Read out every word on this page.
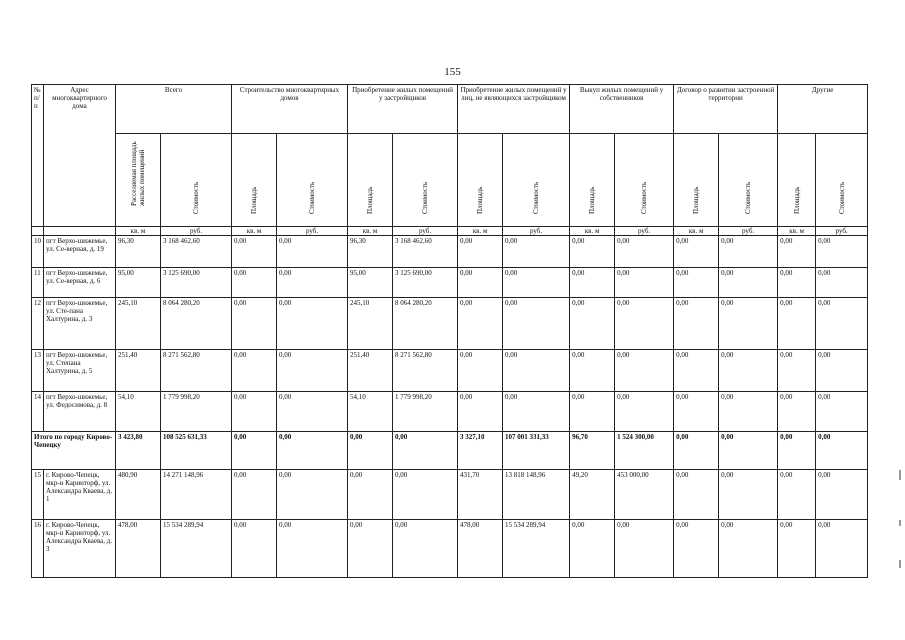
155
№ п/п	Адрес многоквартирного дома	Всего		Строительство многоквартирных домов		Приобретение жилых помещений у застройщиков		Приобретение жилых помещений у лиц, не являющихся застройщиком		Выкуп жилых помещений у собственников		Договор о развитии застроенной территории		Другие	

		Расселяемая площадь жилых помещений	Стоимость	Площадь	Стоимость	Площадь	Стоимость	Площадь	Стоимость	Площадь	Стоимость	Площадь	Стоимость	Площадь	Стоимость

		кв. м	руб.	кв. м	руб.	кв. м	руб.	кв. м	руб.	кв. м	руб.	кв. м	руб.	кв. м	руб.
10	пгт Верхо-шижемье, ул. Се-верная, д. 19	96,30	3 168 462,60	0,00	0,00	96,30	3 168 462,60	0,00	0,00	0,00	0,00	0,00	0,00	0,00	0,00
11	пгт Верхо-шижемье, ул. Се-верная, д. 6	95,00	3 125 690,00	0,00	0,00	95,00	3 125 690,00	0,00	0,00	0,00	0,00	0,00	0,00	0,00	0,00
12	пгт Верхо-шижемье, ул. Сте-пана Халтурина, д. 3	245,10	8 064 280,20	0,00	0,00	245,10	8 064 280,20	0,00	0,00	0,00	0,00	0,00	0,00	0,00	0,00
13	пгт Верхо-шижемье, ул. Степана Халтурина, д. 5	251,40	8 271 562,80	0,00	0,00	251,40	8 271 562,80	0,00	0,00	0,00	0,00	0,00	0,00	0,00	0,00
14	пгт Верхо-шижемье, ул. Федосимова, д. 8	54,10	1 779 998,20	0,00	0,00	54,10	1 779 998,20	0,00	0,00	0,00	0,00	0,00	0,00	0,00	0,00
Итого по городу Кирово-Чепецку		3 423,80	108 525 631,33	0,00	0,00	0,00	0,00	3 327,10	107 001 331,33	96,70	1 524 300,00	0,00	0,00	0,00	0,00
15	г. Кирово-Чепецк, мкр-н Каринторф, ул. Александра Кваева, д. 1	480,90	14 271 148,96	0,00	0,00	0,00	0,00	431,70	13 818 148,96	49,20	453 000,00	0,00	0,00	0,00	0,00
16	г. Кирово-Чепецк, мкр-н Каринторф, ул. Александра Кваева, д. 3	478,00	15 534 289,94	0,00	0,00	0,00	0,00	478,00	15 534 289,94	0,00	0,00	0,00	0,00	0,00	0,00
